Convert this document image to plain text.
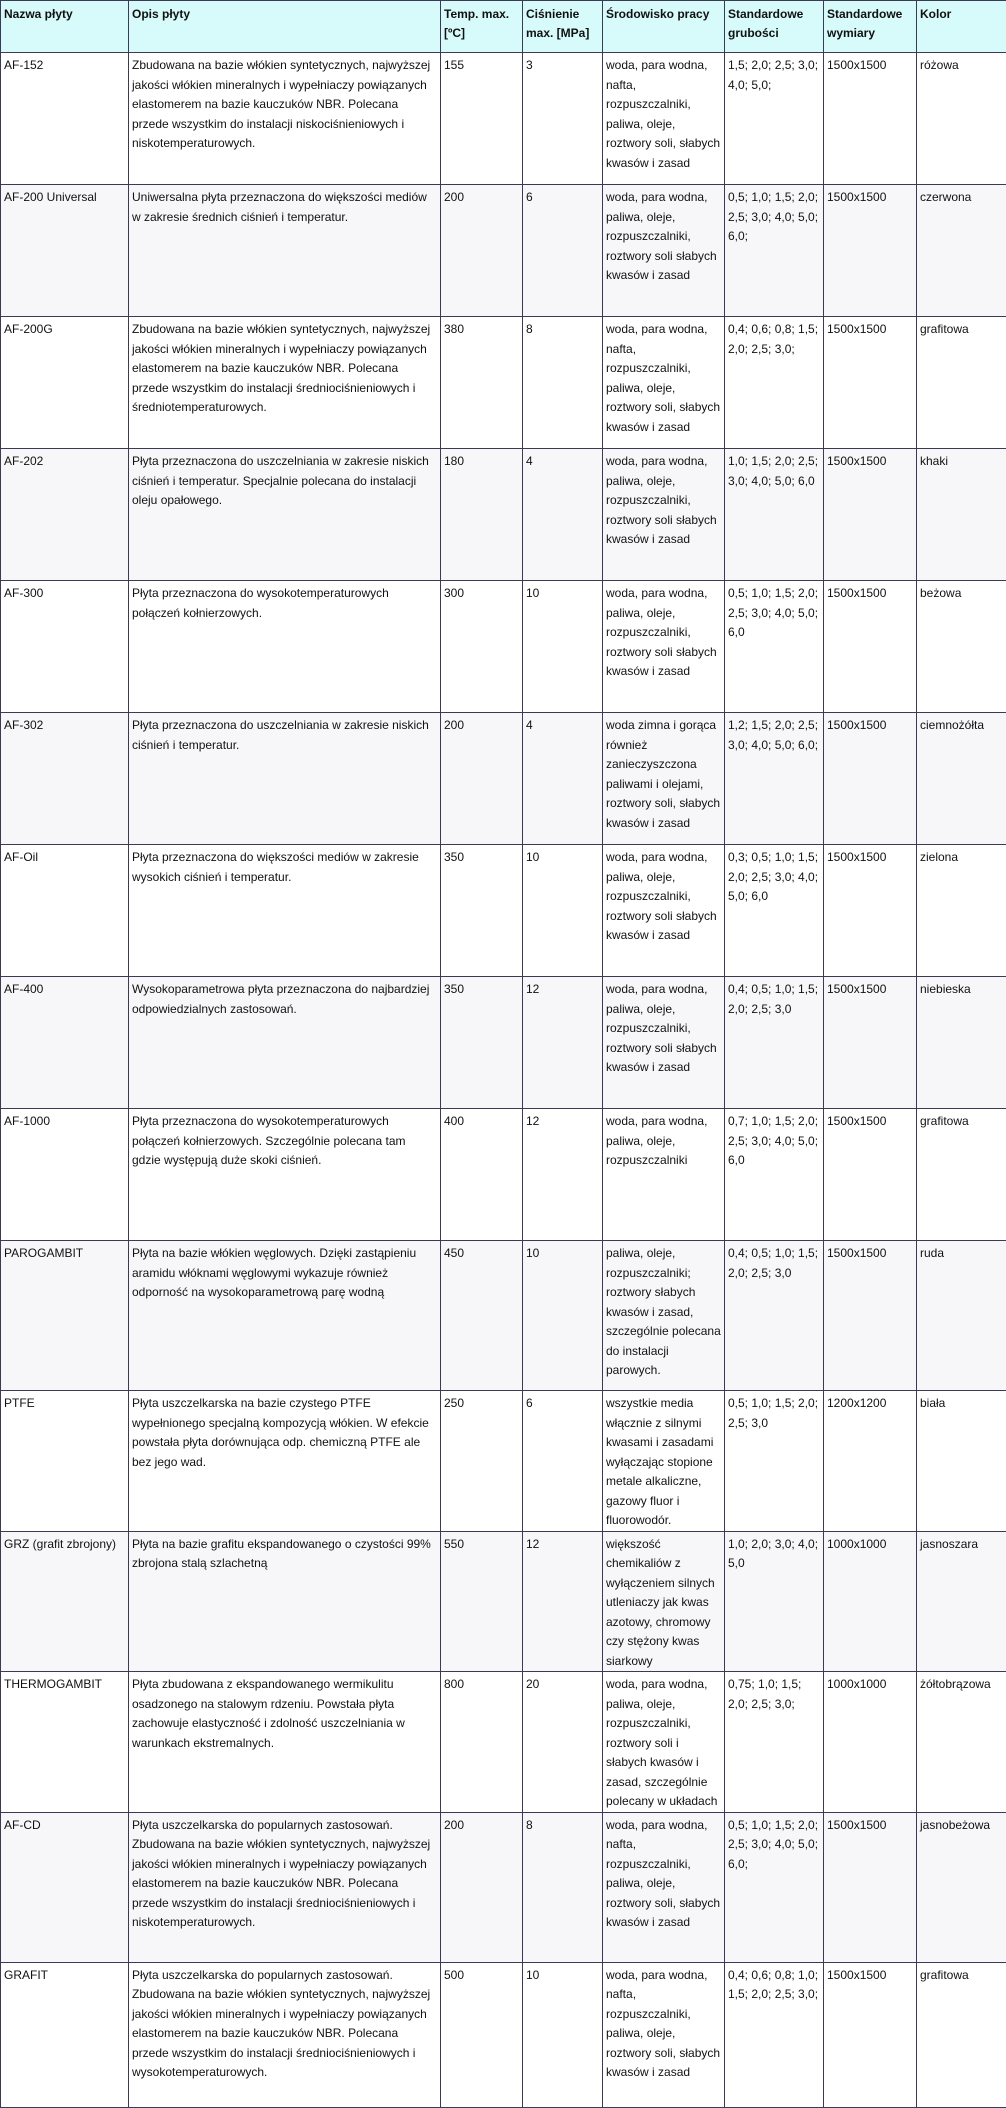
Nazwa płyty	Opis płyty	Temp. max. [ºC]	Ciśnienie max. [MPa]	Środowisko pracy	Standardowe grubości	Standardowe wymiary	Kolor
AF-152	Zbudowana na bazie włókien syntetycznych, najwyższej jakości włókien mineralnych i wypełniaczy powiązanych elastomerem na bazie kauczuków NBR. Polecana przede wszystkim do instalacji niskociśnieniowych i niskotemperaturowych.	155	3	woda, para wodna, nafta, rozpuszczalniki, paliwa, oleje, roztwory soli, słabych kwasów i zasad	1,5; 2,0; 2,5; 3,0; 4,0; 5,0;	1500x1500	różowa
AF-200 Universal	Uniwersalna płyta przeznaczona do większości mediów w zakresie średnich ciśnień i temperatur.	200	6	woda, para wodna, paliwa, oleje, rozpuszczalniki, roztwory soli słabych kwasów i zasad	0,5; 1,0; 1,5; 2,0; 2,5; 3,0; 4,0; 5,0; 6,0;	1500x1500	czerwona
AF-200G	Zbudowana na bazie włókien syntetycznych, najwyższej jakości włókien mineralnych i wypełniaczy powiązanych elastomerem na bazie kauczuków NBR. Polecana przede wszystkim do instalacji średniociśnieniowych i średniotemperaturowych.	380	8	woda, para wodna, nafta, rozpuszczalniki, paliwa, oleje, roztwory soli, słabych kwasów i zasad	0,4; 0,6; 0,8; 1,5; 2,0; 2,5; 3,0;	1500x1500	grafitowa
AF-202	Płyta przeznaczona do uszczelniania w zakresie niskich ciśnień i temperatur. Specjalnie polecana do instalacji oleju opałowego.	180	4	woda, para wodna, paliwa, oleje, rozpuszczalniki, roztwory soli słabych kwasów i zasad	1,0; 1,5; 2,0; 2,5; 3,0; 4,0; 5,0; 6,0	1500x1500	khaki
AF-300	Płyta przeznaczona do wysokotemperaturowych połączeń kołnierzowych.	300	10	woda, para wodna, paliwa, oleje, rozpuszczalniki, roztwory soli słabych kwasów i zasad	0,5; 1,0; 1,5; 2,0; 2,5; 3,0; 4,0; 5,0; 6,0	1500x1500	beżowa
AF-302	Płyta przeznaczona do uszczelniania w zakresie niskich ciśnień i temperatur.	200	4	woda zimna i gorąca również zanieczyszczona paliwami i olejami, roztwory soli, słabych kwasów i zasad	1,2; 1,5; 2,0; 2,5; 3,0; 4,0; 5,0; 6,0;	1500x1500	ciemnożółta
AF-Oil	Płyta przeznaczona do większości mediów w zakresie wysokich ciśnień i temperatur.	350	10	woda, para wodna, paliwa, oleje, rozpuszczalniki, roztwory soli słabych kwasów i zasad	0,3; 0,5; 1,0; 1,5; 2,0; 2,5; 3,0; 4,0; 5,0; 6,0	1500x1500	zielona
AF-400	Wysokoparametrowa płyta przeznaczona do najbardziej odpowiedzialnych zastosowań.	350	12	woda, para wodna, paliwa, oleje, rozpuszczalniki, roztwory soli słabych kwasów i zasad	0,4; 0,5; 1,0; 1,5; 2,0; 2,5; 3,0	1500x1500	niebieska
AF-1000	Płyta przeznaczona do wysokotemperaturowych połączeń kołnierzowych. Szczególnie polecana tam gdzie występują duże skoki ciśnień.	400	12	woda, para wodna, paliwa, oleje, rozpuszczalniki	0,7; 1,0; 1,5; 2,0; 2,5; 3,0; 4,0; 5,0; 6,0	1500x1500	grafitowa
PAROGAMBIT	Płyta na bazie włókien węglowych. Dzięki zastąpieniu aramidu włóknami węglowymi wykazuje również odporność na wysokoparametrową parę wodną	450	10	paliwa, oleje, rozpuszczalniki; roztwory słabych kwasów i zasad, szczególnie polecana do instalacji parowych.	0,4; 0,5; 1,0; 1,5; 2,0; 2,5; 3,0	1500x1500	ruda
PTFE	Płyta uszczelkarska na bazie czystego PTFE wypełnionego specjalną kompozycją włókien. W efekcie powstała płyta dorównująca odp. chemiczną PTFE ale bez jego wad.	250	6	wszystkie media włącznie z silnymi kwasami i zasadami wyłączając stopione metale alkaliczne, gazowy fluor i fluorowodór.	0,5; 1,0; 1,5; 2,0; 2,5; 3,0	1200x1200	biała
GRZ (grafit zbrojony)	Płyta na bazie grafitu ekspandowanego o czystości 99% zbrojona stalą szlachetną	550	12	większość chemikaliów z wyłączeniem silnych utleniaczy jak kwas azotowy, chromowy czy stężony kwas siarkowy	1,0; 2,0; 3,0; 4,0; 5,0	1000x1000	jasnoszara
THERMOGAMBIT	Płyta zbudowana z ekspandowanego wermikulitu osadzonego na stalowym rdzeniu. Powstała płyta zachowuje elastyczność i zdolność uszczelniania w warunkach ekstremalnych.	800	20	woda, para wodna, paliwa, oleje, rozpuszczalniki, roztwory soli i słabych kwasów i zasad, szczególnie polecany w układach	0,75; 1,0; 1,5; 2,0; 2,5; 3,0;	1000x1000	żółtobrązowa
AF-CD	Płyta uszczelkarska do popularnych zastosowań. Zbudowana na bazie włókien syntetycznych, najwyższej jakości włókien mineralnych i wypełniaczy powiązanych elastomerem na bazie kauczuków NBR. Polecana przede wszystkim do instalacji średniociśnieniowych i niskotemperaturowych.	200	8	woda, para wodna, nafta, rozpuszczalniki, paliwa, oleje, roztwory soli, słabych kwasów i zasad	0,5; 1,0; 1,5; 2,0; 2,5; 3,0; 4,0; 5,0; 6,0;	1500x1500	jasnobeżowa
GRAFIT	Płyta uszczelkarska do popularnych zastosowań. Zbudowana na bazie włókien syntetycznych, najwyższej jakości włókien mineralnych i wypełniaczy powiązanych elastomerem na bazie kauczuków NBR. Polecana przede wszystkim do instalacji średniociśnieniowych i wysokotemperaturowych.	500	10	woda, para wodna, nafta, rozpuszczalniki, paliwa, oleje, roztwory soli, słabych kwasów i zasad	0,4; 0,6; 0,8; 1,0; 1,5; 2,0; 2,5; 3,0;	1500x1500	grafitowa
